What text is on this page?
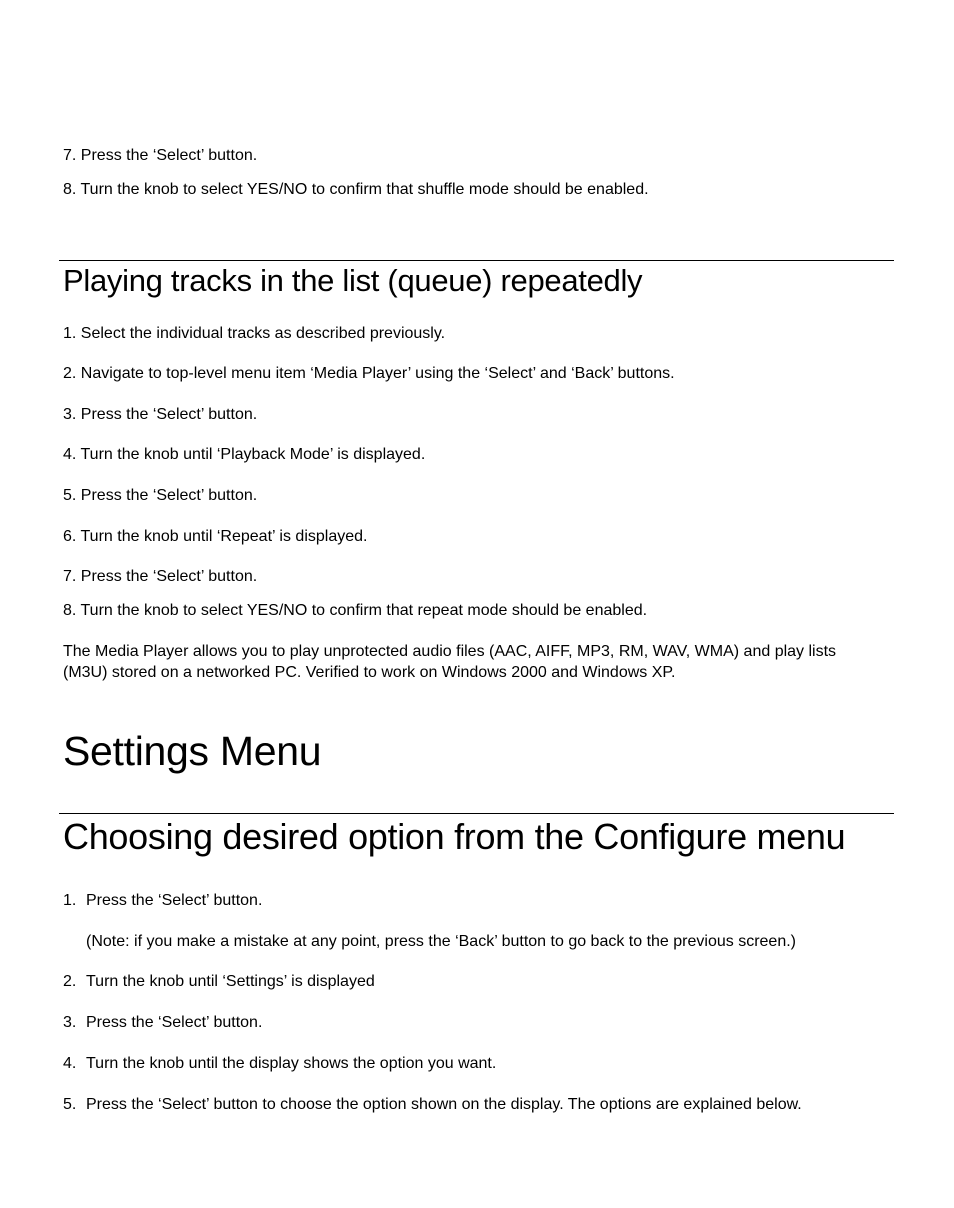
7. Press the ‘Select’ button.

8. Turn the knob to select YES/NO to confirm that shuffle mode should be enabled.

Playing tracks in the list (queue) repeatedly

1. Select the individual tracks as described previously.

2. Navigate to top-level menu item ‘Media Player’ using the ‘Select’ and ‘Back’ buttons.

3. Press the ‘Select’ button.

4. Turn the knob until ‘Playback Mode’ is displayed.

5. Press the ‘Select’ button.

6. Turn the knob until ‘Repeat’ is displayed.

7. Press the ‘Select’ button.

8. Turn the knob to select YES/NO to confirm that repeat mode should be enabled.

The Media Player allows you to play unprotected audio files (AAC, AIFF, MP3, RM, WAV, WMA) and play lists (M3U) stored on a networked PC. Verified to work on Windows 2000 and Windows XP.

Settings Menu
Choosing desired option from the Configure menu

1. Press the ‘Select’ button.

(Note: if you make a mistake at any point, press the ‘Back’ button to go back to the previous screen.)

2. Turn the knob until ‘Settings’ is displayed

3. Press the ‘Select’ button.

4. Turn the knob until the display shows the option you want.

5. Press the ‘Select’ button to choose the option shown on the display. The options are explained below.
